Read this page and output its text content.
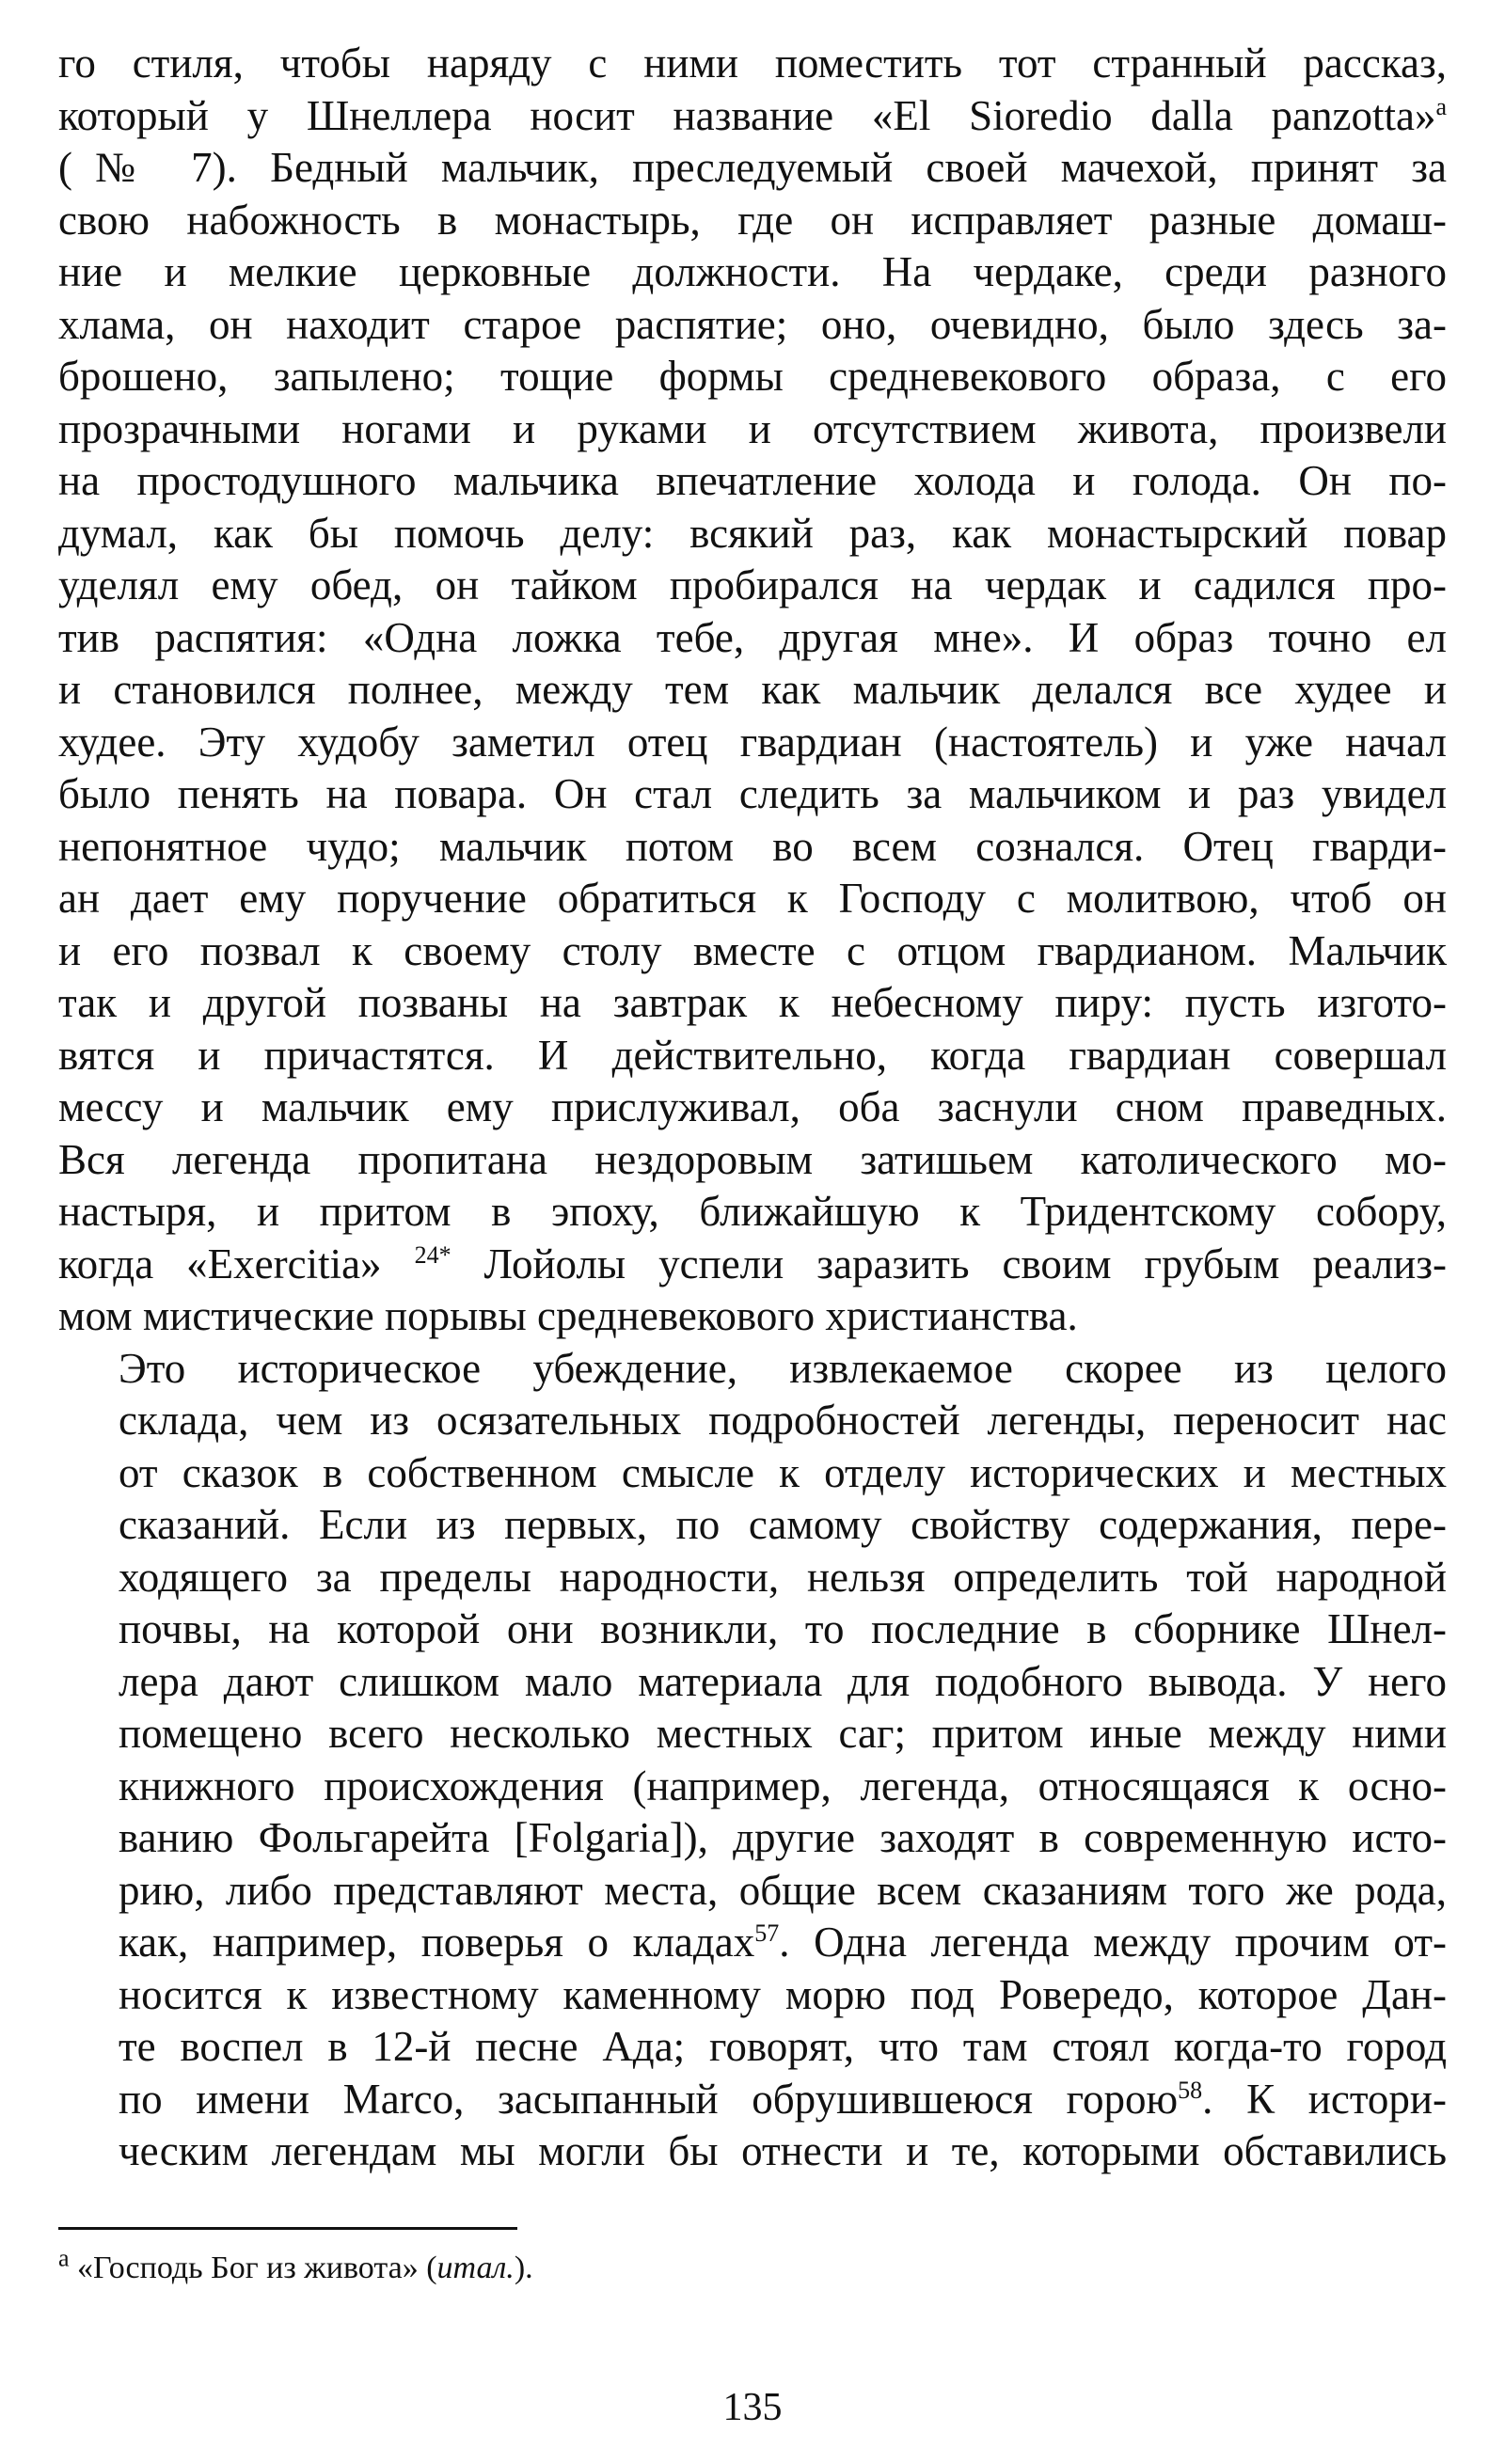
го стиля, чтобы наряду с ними поместить тот странный рассказ,
который у Шнеллера носит название «El Sioredio dalla panzotta»$^а$
(№ 7). Бедный мальчик, преследуемый своей мачехой, принят за
свою набожность в монастырь, где он исправляет разные домаш-
ние и мелкие церковные должности. На чердаке, среди разного
хлама, он находит старое распятие; оно, очевидно, было здесь за-
брошено, запылено; тощие формы средневекового образа, с его
прозрачными ногами и руками и отсутствием живота, произвели
на простодушного мальчика впечатление холода и голода. Он по-
думал, как бы помочь делу: всякий раз, как монастырский повар
уделял ему обед, он тайком пробирался на чердак и садился про-
тив распятия: «Одна ложка тебе, другая мне». И образ точно ел
и становился полнее, между тем как мальчик делался все худее и
худее. Эту худобу заметил отец гвардиан (настоятель) и уже начал
было пенять на повара. Он стал следить за мальчиком и раз увидел
непонятное чудо; мальчик потом во всем сознался. Отец гварди-
ан дает ему поручение обратиться к Господу с молитвою, чтоб он
и его позвал к своему столу вместе с отцом гвардианом. Мальчик
так и другой позваны на завтрак к небесному пиру: пусть изгото-
вятся и причастятся. И действительно, когда гвардиан совершал
мессу и мальчик ему прислуживал, оба заснули сном праведных.
Вся легенда пропитана нездоровым затишьем католического мо-
настыря, и притом в эпоху, ближайшую к Тридентскому собору,
когда «Exercitia» $^{24*}$ Лойолы успели заразить своим грубым реализ-
мом мистические порывы средневекового христианства.

Это историческое убеждение, извлекаемое скорее из целого
склада, чем из осязательных подробностей легенды, переносит нас
от сказок в собственном смысле к отделу исторических и местных
сказаний. Если из первых, по самому свойству содержания, пере-
ходящего за пределы народности, нельзя определить той народной
почвы, на которой они возникли, то последние в сборнике Шнел-
лера дают слишком мало материала для подобного вывода. У него
помещено всего несколько местных саг; притом иные между ними
книжного происхождения (например, легенда, относящаяся к осно-
ванию Фольгарейта [Folgaria]), другие заходят в современную исто-
рию, либо представляют места, общие всем сказаниям того же рода,
как, например, поверья о кладах$^{57}$. Одна легенда между прочим от-
носится к известному каменному морю под Ровередо, которое Дан-
те воспел в 12-й песне Ада; говорят, что там стоял когда-то город
по имени Marco, засыпанный обрушившеюся горою$^{58}$. К истори-
ческим легендам мы могли бы отнести и те, которыми обставились

$^а$ «Господь Бог из живота» (итал.).
135
